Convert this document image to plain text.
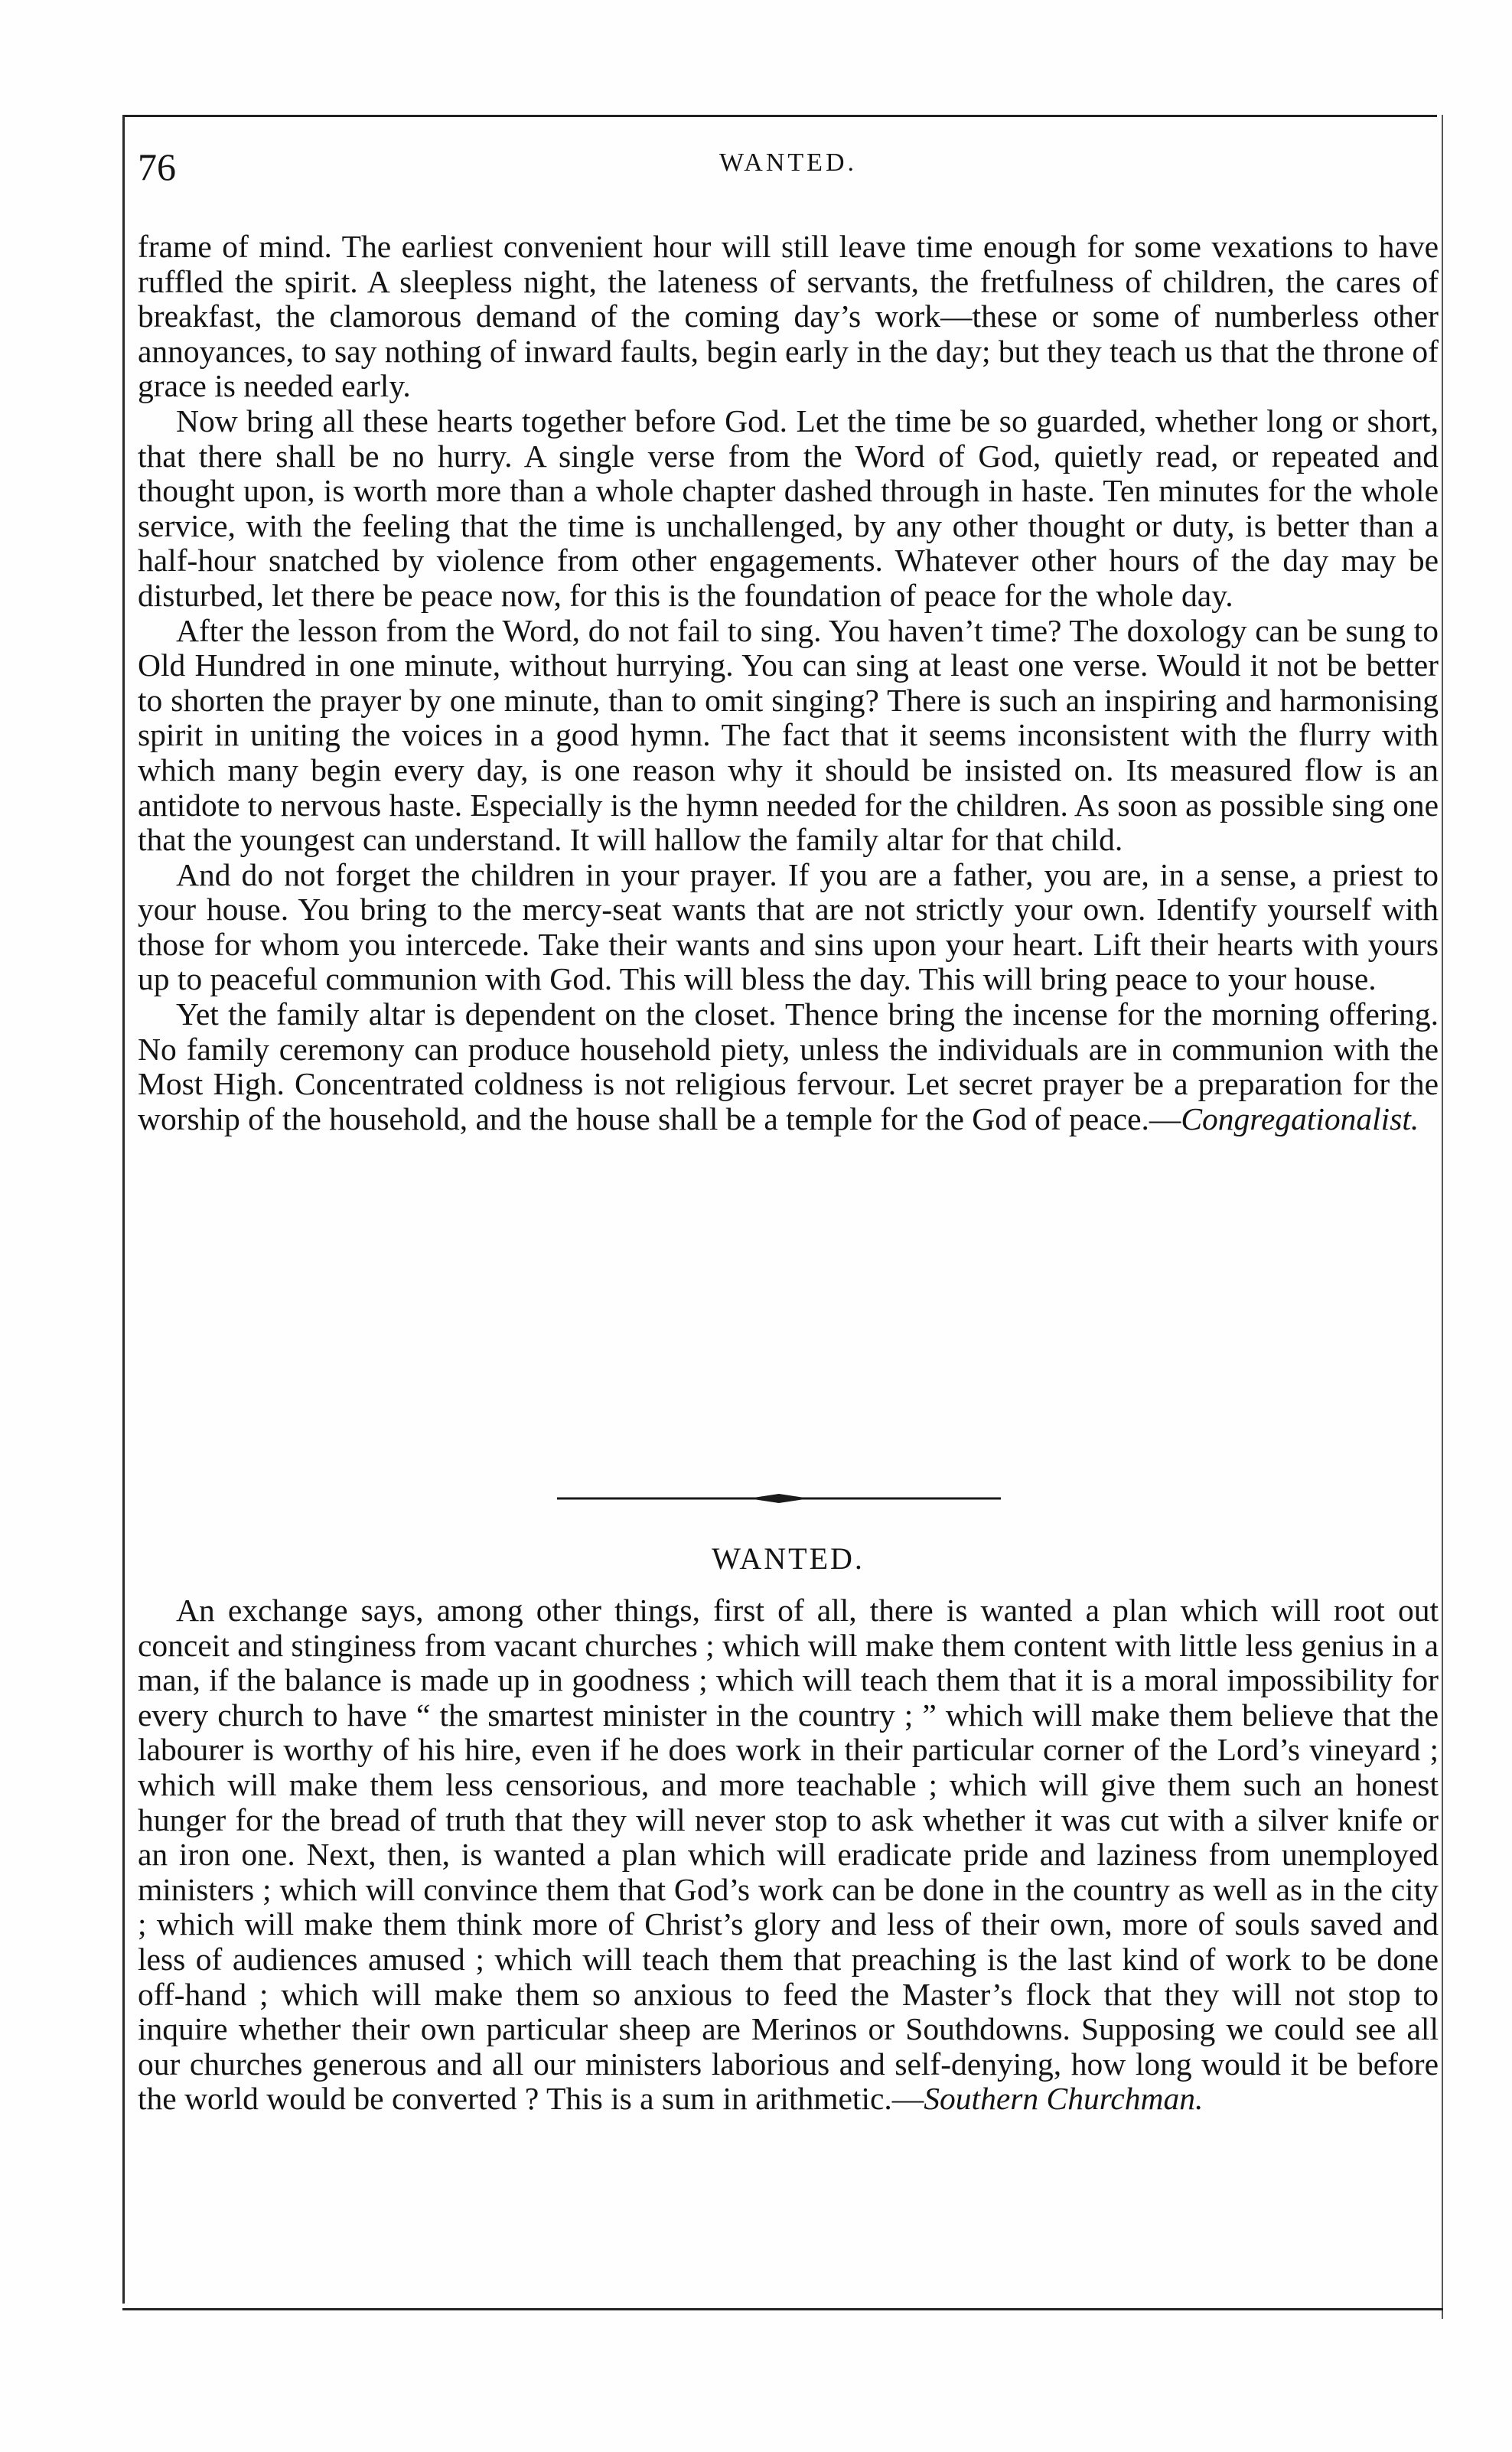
76	WANTED.

frame of mind. The earliest convenient hour will still leave time enough for some vexations to have ruffled the spirit. A sleepless night, the lateness of servants, the fretfulness of children, the cares of breakfast, the clamorous demand of the coming day’s work—these or some of numberless other annoyances, to say nothing of inward faults, begin early in the day; but they teach us that the throne of grace is needed early.

Now bring all these hearts together before God. Let the time be so guarded, whether long or short, that there shall be no hurry. A single verse from the Word of God, quietly read, or repeated and thought upon, is worth more than a whole chapter dashed through in haste. Ten minutes for the whole service, with the feeling that the time is unchallenged, by any other thought or duty, is better than a half-hour snatched by violence from other engagements. Whatever other hours of the day may be disturbed, let there be peace now, for this is the foundation of peace for the whole day.

After the lesson from the Word, do not fail to sing. You haven’t time? The doxology can be sung to Old Hundred in one minute, without hurrying. You can sing at least one verse. Would it not be better to shorten the prayer by one minute, than to omit singing? There is such an inspiring and harmonising spirit in uniting the voices in a good hymn. The fact that it seems inconsistent with the flurry with which many begin every day, is one reason why it should be insisted on. Its measured flow is an antidote to nervous haste. Especially is the hymn needed for the children. As soon as possible sing one that the youngest can understand. It will hallow the family altar for that child.

And do not forget the children in your prayer. If you are a father, you are, in a sense, a priest to your house. You bring to the mercy-seat wants that are not strictly your own. Identify yourself with those for whom you intercede. Take their wants and sins upon your heart. Lift their hearts with yours up to peaceful communion with God. This will bless the day. This will bring peace to your house.

Yet the family altar is dependent on the closet. Thence bring the incense for the morning offering. No family ceremony can produce household piety, unless the individuals are in communion with the Most High. Concentrated coldness is not religious fervour. Let secret prayer be a preparation for the worship of the household, and the house shall be a temple for the God of peace.—Congregationalist.

WANTED.

An exchange says, among other things, first of all, there is wanted a plan which will root out conceit and stinginess from vacant churches ; which will make them content with little less genius in a man, if the balance is made up in goodness ; which will teach them that it is a moral impossibility for every church to have “ the smartest minister in the country ; ” which will make them believe that the labourer is worthy of his hire, even if he does work in their particular corner of the Lord’s vineyard ; which will make them less censorious, and more teachable ; which will give them such an honest hunger for the bread of truth that they will never stop to ask whether it was cut with a silver knife or an iron one. Next, then, is wanted a plan which will eradicate pride and laziness from unemployed ministers ; which will convince them that God’s work can be done in the country as well as in the city ; which will make them think more of Christ’s glory and less of their own, more of souls saved and less of audiences amused ; which will teach them that preaching is the last kind of work to be done off-hand ; which will make them so anxious to feed the Master’s flock that they will not stop to inquire whether their own particular sheep are Merinos or Southdowns. Supposing we could see all our churches generous and all our ministers laborious and self-denying, how long would it be before the world would be converted ? This is a sum in arithmetic.—Southern Churchman.
